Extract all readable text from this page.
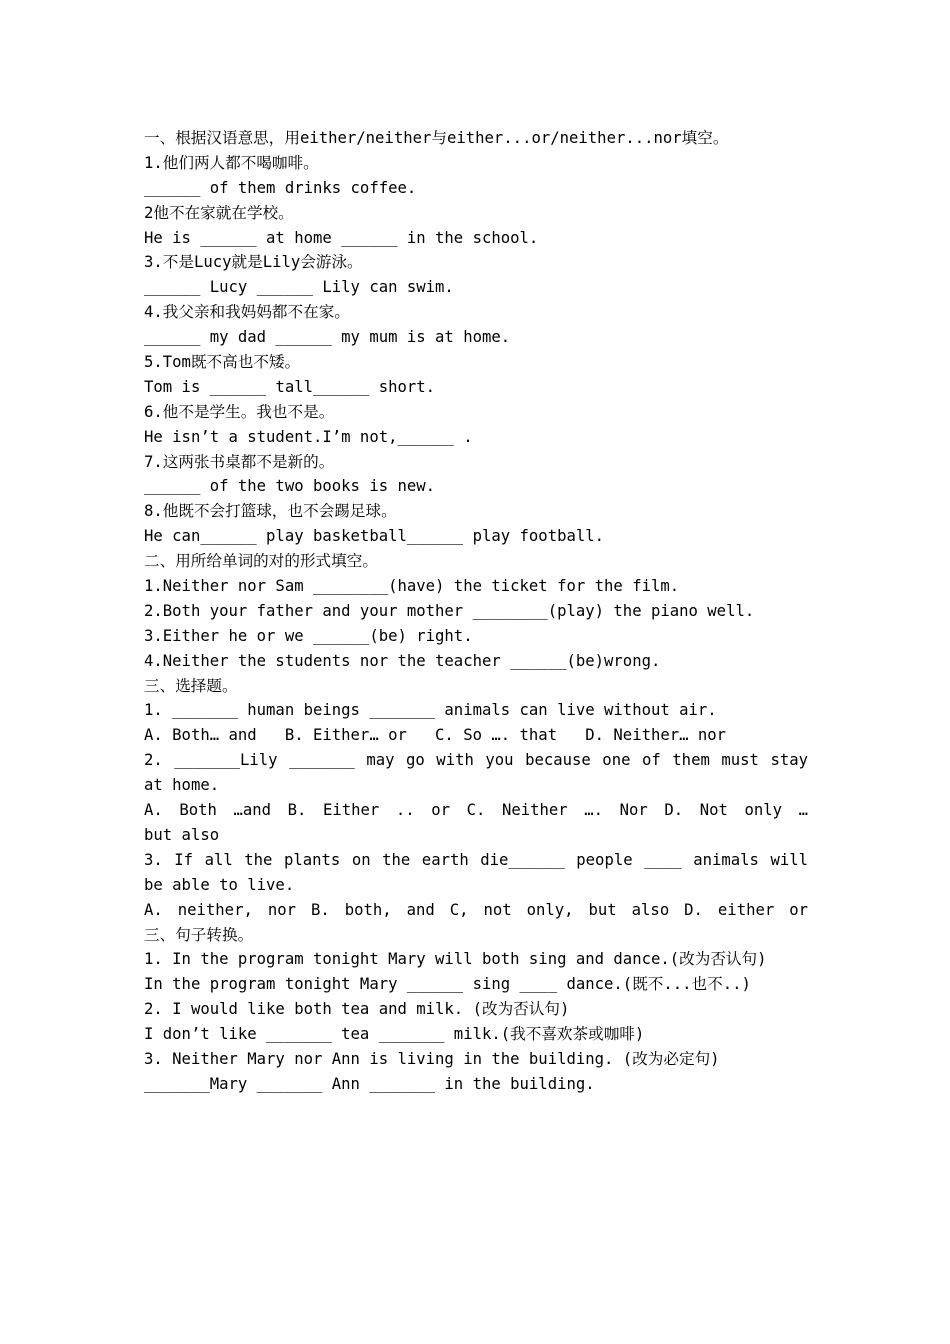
一、根据汉语意思，用either/neither与either...or/neither...nor填空。
1.他们两人都不喝咖啡。
______ of them drinks coffee.
2他不在家就在学校。
He is ______ at home ______ in the school.
3.不是Lucy就是Lily会游泳。
______ Lucy ______ Lily can swim.
4.我父亲和我妈妈都不在家。
______ my dad ______ my mum is at home.
5.Tom既不高也不矮。
Tom is ______ tall______ short.
6.他不是学生。我也不是。
He isn’t a student.I’m not,______ .
7.这两张书桌都不是新的。
______ of the two books is new.
8.他既不会打篮球，也不会踢足球。
He can______ play basketball______ play football.
二、用所给单词的对的形式填空。
1.Neither nor Sam ________(have) the ticket for the film.
2.Both your father and your mother ________(play) the piano well.
3.Either he or we ______(be) right.
4.Neither the students nor the teacher ______(be)wrong.
三、选择题。
1. _______ human beings _______ animals can live without air.
A. Both… and   B. Either… or   C. So …. that   D. Neither… nor
2. _______Lily _______ may go with you because one of them must stay
at home.
A. Both …and B. Either .. or C. Neither …. Nor D. Not only …
but also
3. If all the plants on the earth die______ people ____ animals will
be able to live.
A. neither, nor B. both, and C, not only, but also D. either or
三、句子转换。
1. In the program tonight Mary will both sing and dance.(改为否认句)
In the program tonight Mary ______ sing ____ dance.(既不...也不..)
2. I would like both tea and milk. (改为否认句)
I don’t like _______ tea _______ milk.(我不喜欢茶或咖啡)
3. Neither Mary nor Ann is living in the building. (改为必定句)
_______Mary _______ Ann _______ in the building.
